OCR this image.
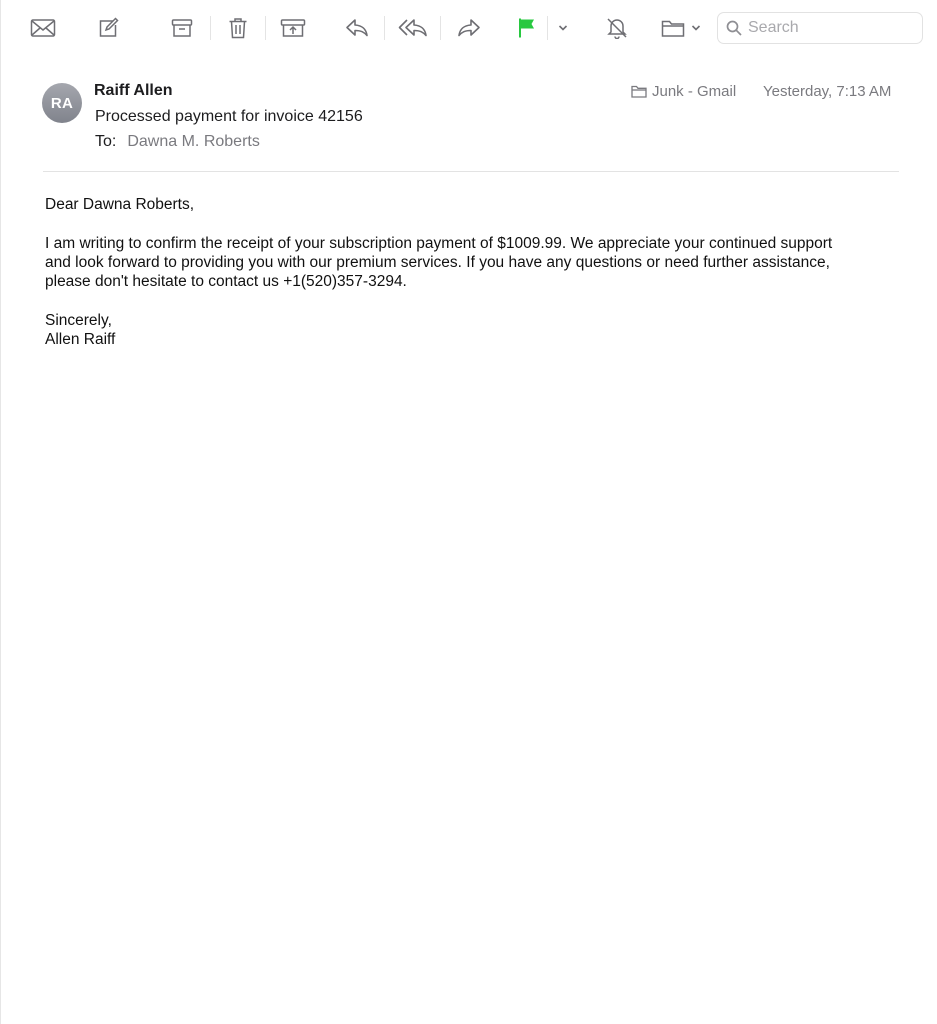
Search
RA
Raiff Allen
Processed payment for invoice 42156
To: Dawna M. Roberts
Junk - Gmail Yesterday, 7:13 AM

Dear Dawna Roberts,

I am writing to confirm the receipt of your subscription payment of $1009.99. We appreciate your continued support

and look forward to providing you with our premium services. If you have any questions or need further assistance,

please don't hesitate to contact us +1(520)357-3294.

Sincerely,

Allen Raiff
